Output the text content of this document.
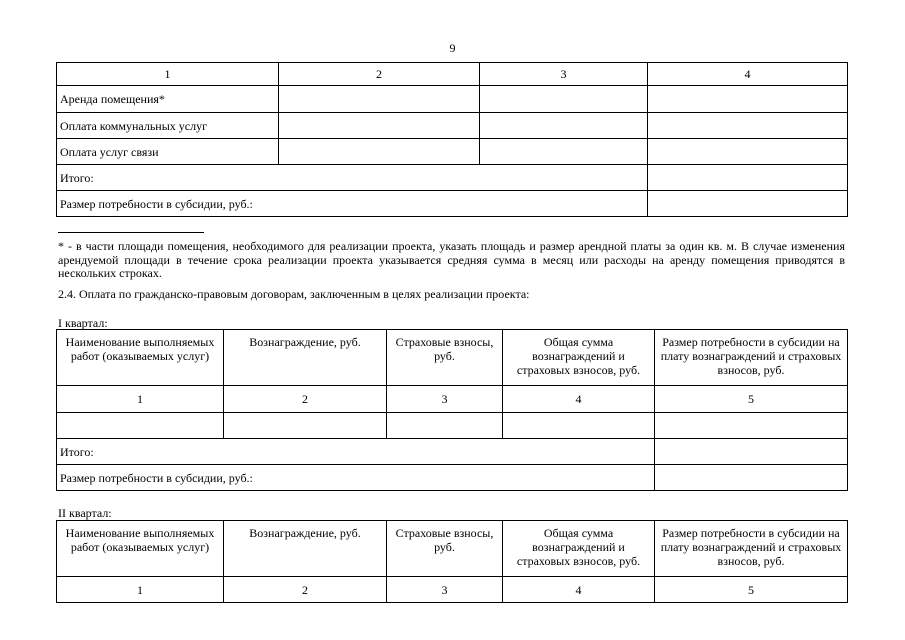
9
1	2	3	4
Аренда помещения*			
Оплата коммунальных услуг			
Оплата услуг связи			
Итого:			
Размер потребности в субсидии, руб.:			
* - в части площади помещения, необходимого для реализации проекта, указать площадь и размер арендной платы за один кв. м. В случае изменения арендуемой площади в течение срока реализации проекта указывается средняя сумма в месяц или расходы на аренду помещения приводятся в нескольких строках.
2.4. Оплата по гражданско-правовым договорам, заключенным в целях реализации проекта:
I квартал:
Наименование выполняемых работ (оказываемых услуг)	Вознаграждение, руб.	Страховые взносы, руб.	Общая сумма вознаграждений и страховых взносов, руб.	Размер потребности в субсидии на плату вознаграждений и страховых взносов, руб.
1	2	3	4	5

Итого:				
Размер потребности в субсидии, руб.:				
II квартал:
Наименование выполняемых работ (оказываемых услуг)	Вознаграждение, руб.	Страховые взносы, руб.	Общая сумма вознаграждений и страховых взносов, руб.	Размер потребности в субсидии на плату вознаграждений и страховых взносов, руб.
1	2	3	4	5
